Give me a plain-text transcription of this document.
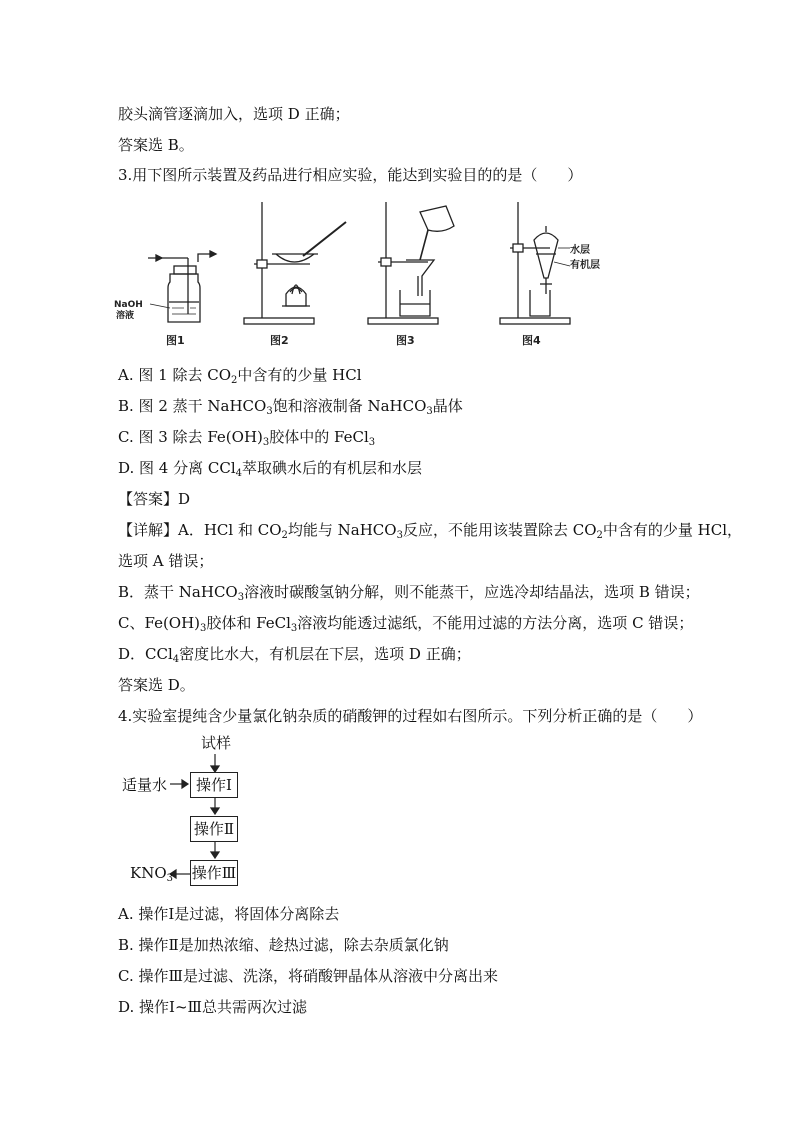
胶头滴管逐滴加入，选项 D 正确；
答案选 B。
3.用下图所示装置及药品进行相应实验，能达到实验目的的是（　　）
NaOH
溶液
图1	图2	图3
水层
有机层
图4
A. 图 1 除去 $CO_2$中含有的少量 HCl
B. 图 2 蒸干 NaHCO$_3$饱和溶液制备 NaHCO$_3$晶体
C. 图 3 除去 $Fe(OH)_3$胶体中的 FeCl$_3$
D. 图 4 分离 CCl$_4$萃取碘水后的有机层和水层
【答案】D
【详解】A．HCl 和 $CO_2$均能与 NaHCO$_3$反应，不能用该装置除去 $CO_2$中含有的少量 HCl，
选项 A 错误；
B．蒸干 NaHCO$_3$溶液时碳酸氢钠分解，则不能蒸干，应选冷却结晶法，选项 B 错误；
C、$Fe(OH)_3$胶体和 FeCl$_3$溶液均能透过滤纸，不能用过滤的方法分离，选项 C 错误；
D．CCl$_4$密度比水大，有机层在下层，选项 D 正确；
答案选 D。
4.实验室提纯含少量氯化钠杂质的硝酸钾的过程如右图所示。下列分析正确的是（　　）
试样
适量水	操作Ⅰ
操作Ⅱ
操作Ⅲ
$KNO_3$
A. 操作Ⅰ是过滤，将固体分离除去
B. 操作Ⅱ是加热浓缩、趁热过滤，除去杂质氯化钠
C. 操作Ⅲ是过滤、洗涤，将硝酸钾晶体从溶液中分离出来
D. 操作Ⅰ~Ⅲ总共需两次过滤
